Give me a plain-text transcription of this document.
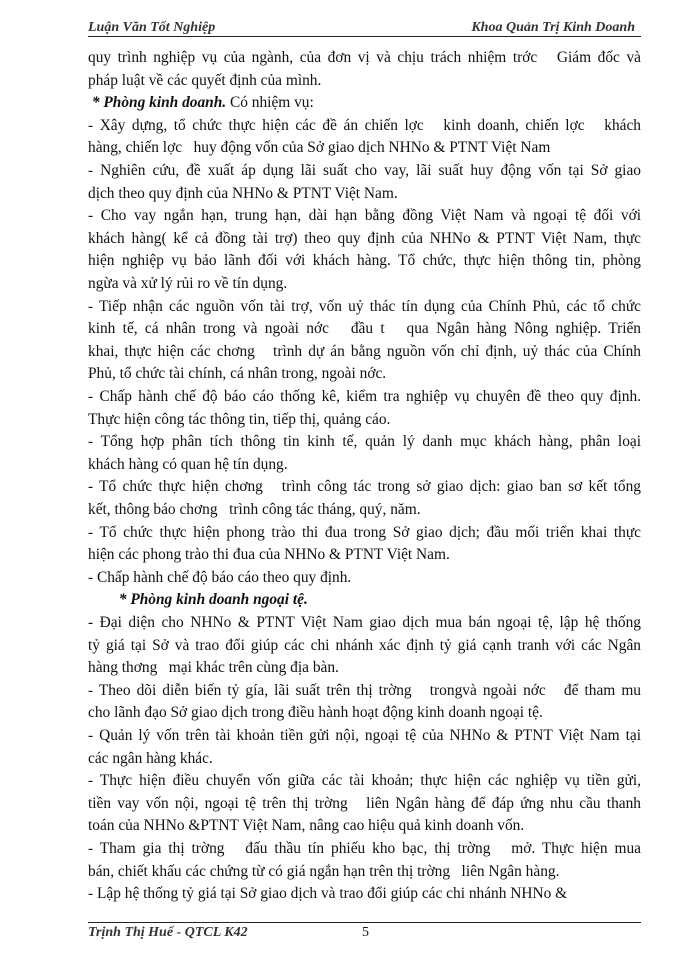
Luận Văn Tốt Nghiệp	Khoa Quản Trị Kinh Doanh
quy trình nghiệp vụ của ngành, của đơn vị và chịu trách nhiệm trớc   Giám đốc và
pháp luật về các quyết định của mình.
* Phòng kinh doanh. Có nhiệm vụ:
- Xây dựng, tổ chức thực hiện các đề án chiến lợc   kinh doanh, chiến lợc   khách
hàng, chiến lợc   huy động vốn của Sở giao dịch NHNo & PTNT Việt Nam
- Nghiên cứu, đề xuất áp dụng lãi suất cho vay, lãi suất huy động vốn tại Sở giao
dịch theo quy định của NHNo & PTNT Việt Nam.
- Cho vay ngắn hạn, trung hạn, dài hạn bằng đồng Việt Nam và ngoại tệ đối với
khách hàng( kể cả đồng tài trợ) theo quy định của NHNo & PTNT Việt Nam, thực
hiện nghiệp vụ bảo lãnh đối với khách hàng. Tổ chức, thực hiện thông tin, phòng
ngừa và xử lý rủi ro về tín dụng.
- Tiếp nhận các nguồn vốn tài trợ, vốn uỷ thác tín dụng của Chính Phủ, các tổ chức
kinh tế, cá nhân trong và ngoài nớc   đầu t   qua Ngân hàng Nông nghiệp. Triển
khai, thực hiện các chơng   trình dự án bằng nguồn vốn chỉ định, uỷ thác của Chính
Phủ, tổ chức tài chính, cá nhân trong, ngoài nớc.
- Chấp hành chế độ báo cáo thống kê, kiểm tra nghiệp vụ chuyên đề theo quy định.
Thực hiện công tác thông tin, tiếp thị, quảng cáo.
- Tổng hợp phân tích thông tin kinh tế, quản lý danh mục khách hàng, phân loại
khách hàng có quan hệ tín dụng.
- Tổ chức thực hiện chơng   trình công tác trong sở giao dịch: giao ban sơ kết tổng
kết, thông báo chơng   trình công tác tháng, quý, năm.
- Tổ chức thực hiện phong trào thi đua trong Sở giao dịch; đầu mối triển khai thực
hiện các phong trào thi đua của NHNo & PTNT Việt Nam.
- Chấp hành chế độ báo cáo theo quy định.
* Phòng kinh doanh ngoại tệ.
- Đại diện cho NHNo & PTNT Việt Nam giao dịch mua bán ngoại tệ, lập hệ thống
tỷ giá tại Sở và trao đổi giúp các chi nhánh xác định tỷ giá cạnh tranh với các Ngân
hàng thơng   mại khác trên cùng địa bàn.
- Theo dõi diễn biến tỷ gía, lãi suất trên thị trờng   trongvà ngoài nớc   để tham mu
cho lãnh đạo Sở giao dịch trong điều hành hoạt động kinh doanh ngoại tệ.
- Quản lý vốn trên tài khoản tiền gửi nội, ngoại tệ của NHNo & PTNT Việt Nam tại
các ngân hàng khác.
- Thực hiện điều chuyển vốn giữa các tài khoản; thực hiện các nghiệp vụ tiền gửi,
tiền vay vốn nội, ngoại tệ trên thị trờng   liên Ngân hàng để đáp ứng nhu cầu thanh
toán của NHNo &PTNT Việt Nam, nâng cao hiệu quả kinh doanh vốn.
- Tham gia thị trờng   đấu thầu tín phiếu kho bạc, thị trờng   mở. Thực hiện mua
bán, chiết khấu các chứng từ có giá ngắn hạn trên thị trờng   liên Ngân hàng.
- Lập hệ thống tỷ giá tại Sở giao dịch và trao đổi giúp các chi nhánh NHNo &
Trịnh Thị Huế - QTCL K42	5
